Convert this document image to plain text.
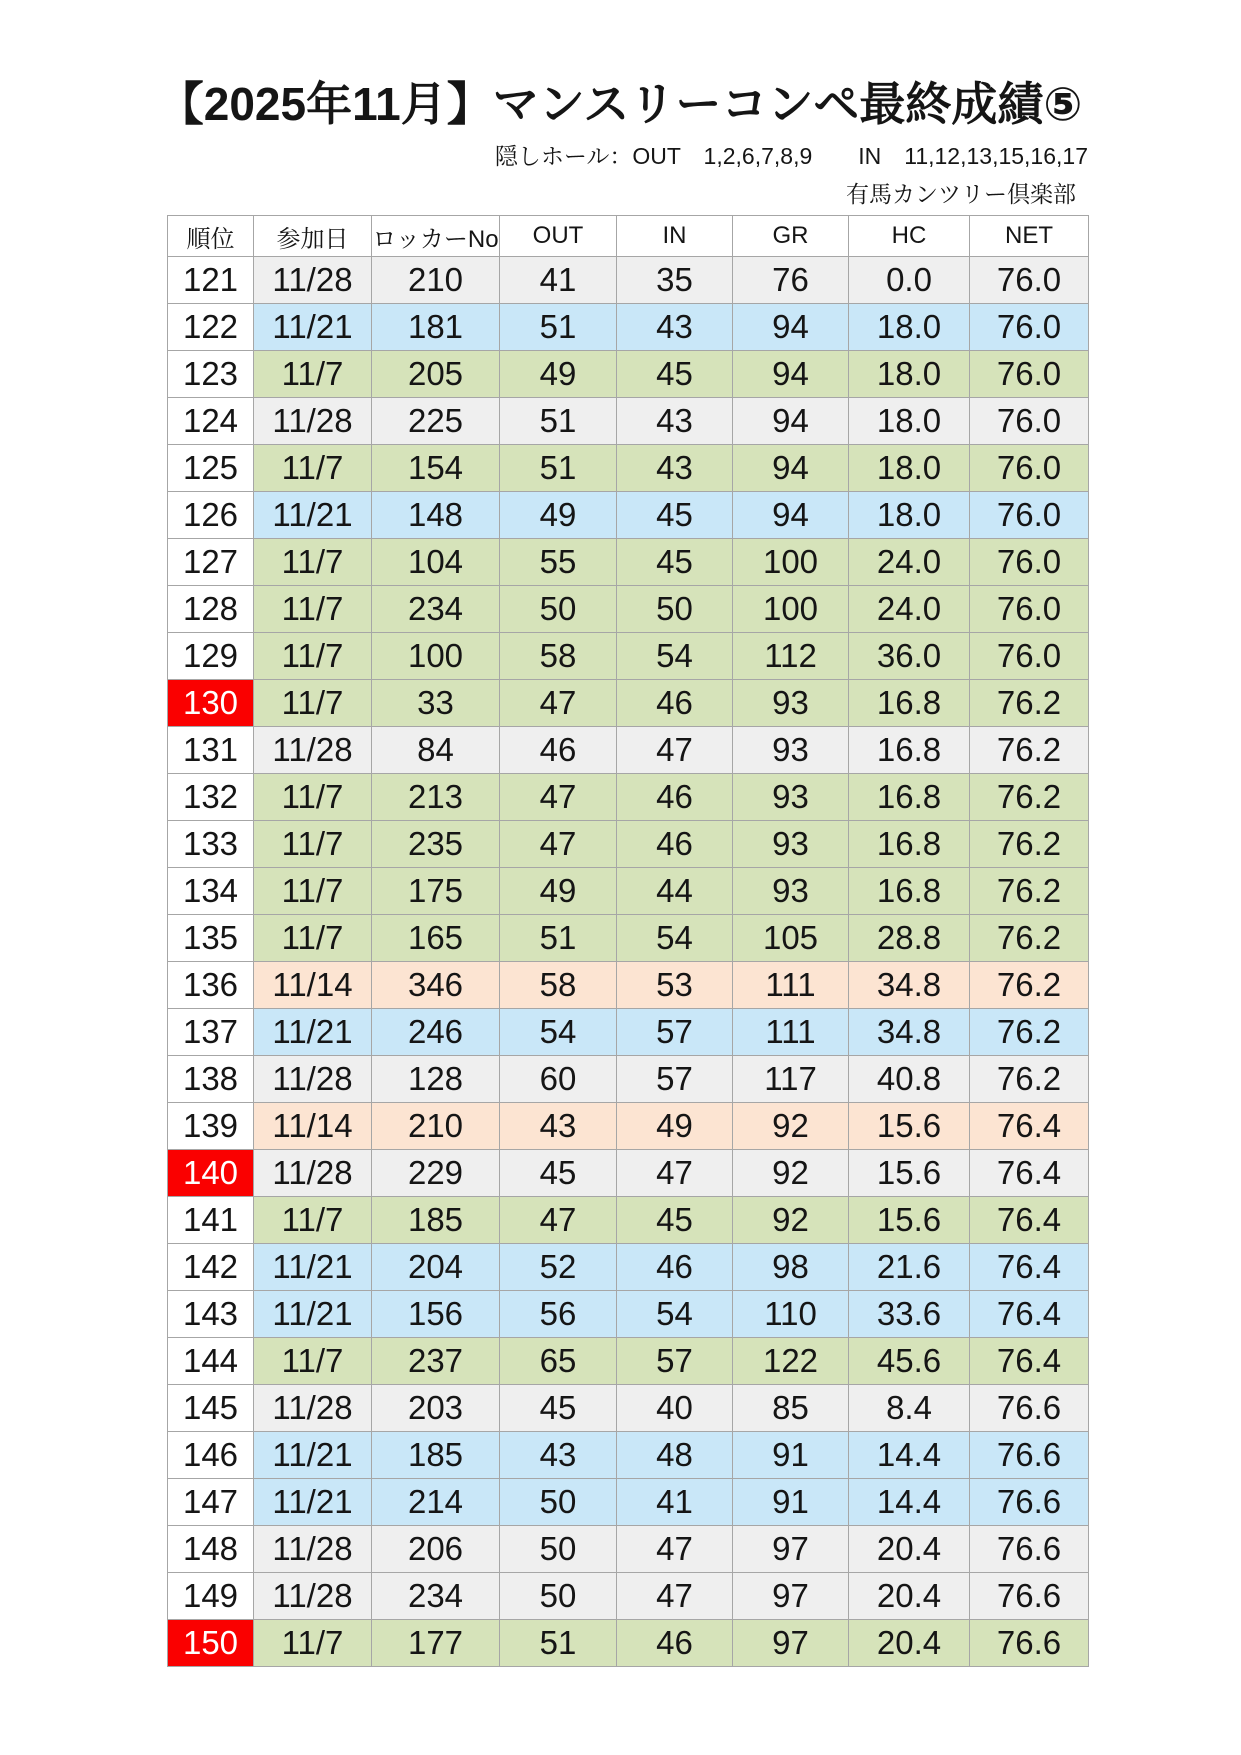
【2025年11月】マンスリーコンペ最終成績⑤
隠しホール：OUT　1,2,6,7,8,9　　IN　11,12,13,15,16,17
有馬カンツリー倶楽部
順位	参加日	ロッカーNo	OUT	IN	GR	HC	NET
121	11/28	210	41	35	76	0.0	76.0
122	11/21	181	51	43	94	18.0	76.0
123	11/7	205	49	45	94	18.0	76.0
124	11/28	225	51	43	94	18.0	76.0
125	11/7	154	51	43	94	18.0	76.0
126	11/21	148	49	45	94	18.0	76.0
127	11/7	104	55	45	100	24.0	76.0
128	11/7	234	50	50	100	24.0	76.0
129	11/7	100	58	54	112	36.0	76.0
130	11/7	33	47	46	93	16.8	76.2
131	11/28	84	46	47	93	16.8	76.2
132	11/7	213	47	46	93	16.8	76.2
133	11/7	235	47	46	93	16.8	76.2
134	11/7	175	49	44	93	16.8	76.2
135	11/7	165	51	54	105	28.8	76.2
136	11/14	346	58	53	111	34.8	76.2
137	11/21	246	54	57	111	34.8	76.2
138	11/28	128	60	57	117	40.8	76.2
139	11/14	210	43	49	92	15.6	76.4
140	11/28	229	45	47	92	15.6	76.4
141	11/7	185	47	45	92	15.6	76.4
142	11/21	204	52	46	98	21.6	76.4
143	11/21	156	56	54	110	33.6	76.4
144	11/7	237	65	57	122	45.6	76.4
145	11/28	203	45	40	85	8.4	76.6
146	11/21	185	43	48	91	14.4	76.6
147	11/21	214	50	41	91	14.4	76.6
148	11/28	206	50	47	97	20.4	76.6
149	11/28	234	50	47	97	20.4	76.6
150	11/7	177	51	46	97	20.4	76.6
